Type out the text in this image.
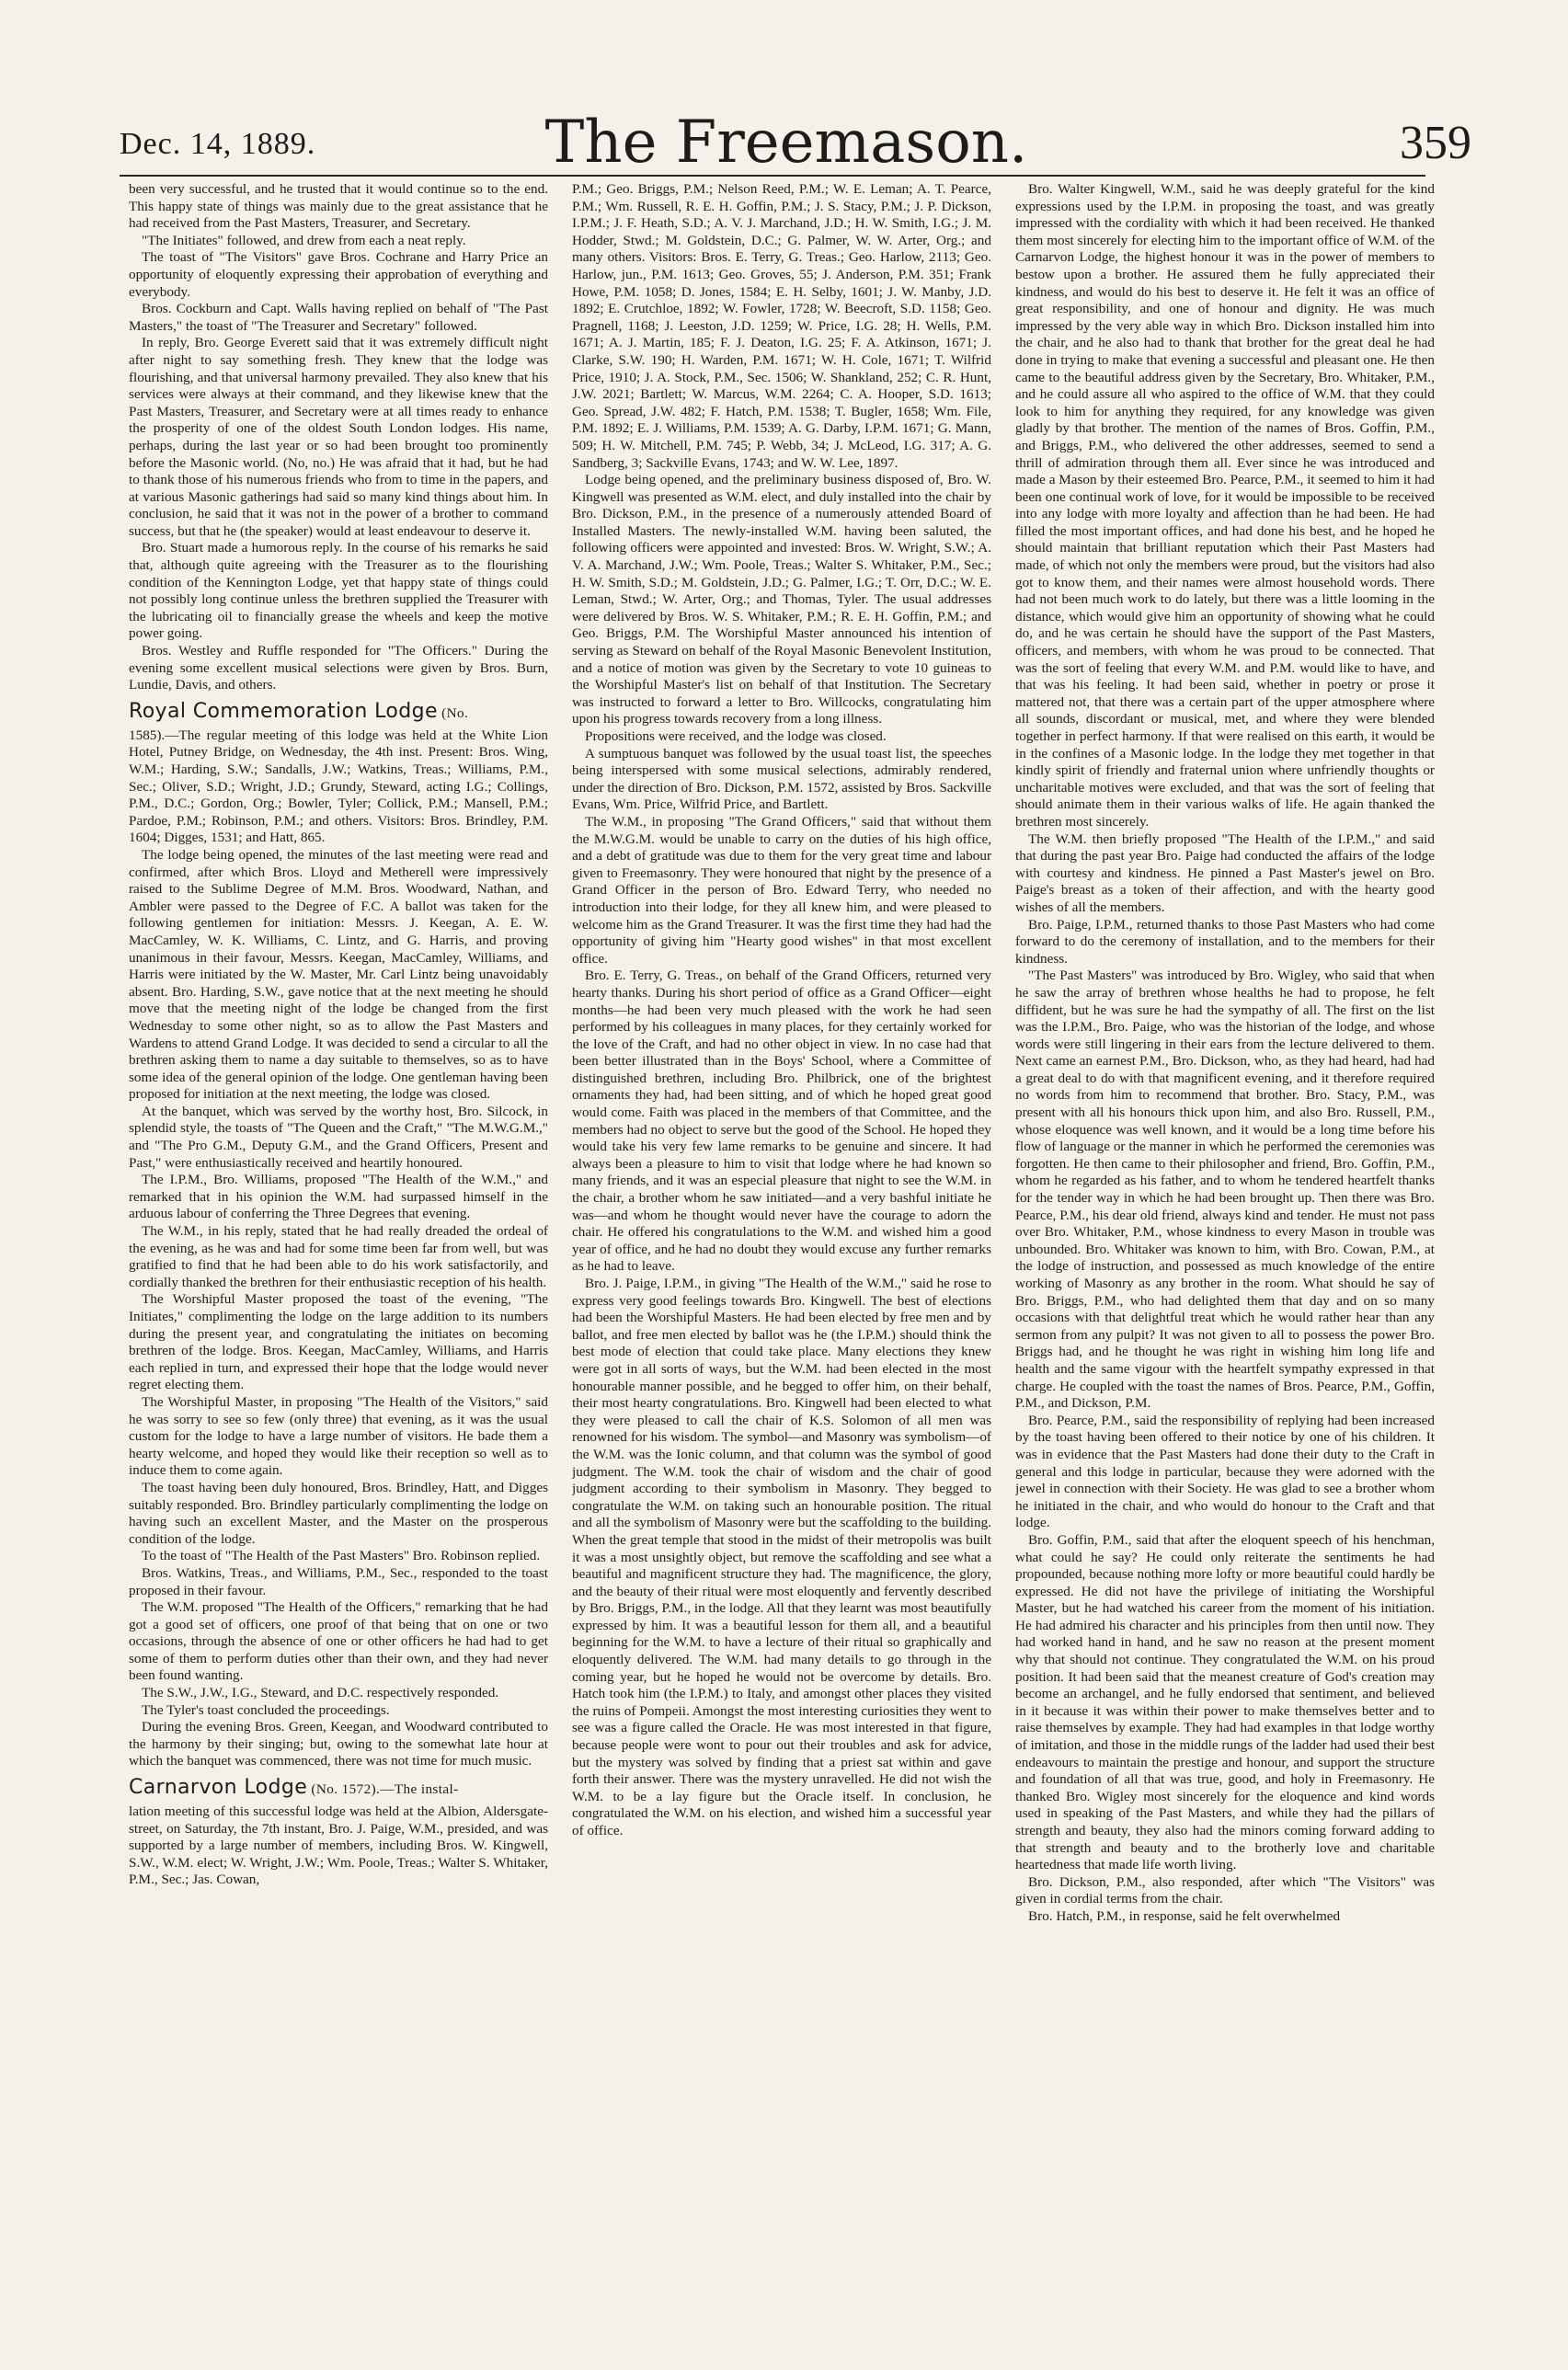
Dec. 14, 1889.	The Freemason.	359

been very successful, and he trusted that it would continue so to the end. This happy state of things was mainly due to the great assistance that he had received from the Past Masters, Treasurer, and Secretary.

"The Initiates" followed, and drew from each a neat reply.

The toast of "The Visitors" gave Bros. Cochrane and Harry Price an opportunity of eloquently expressing their approbation of everything and everybody.

Bros. Cockburn and Capt. Walls having replied on behalf of "The Past Masters," the toast of "The Treasurer and Secretary" followed.

In reply, Bro. George Everett said that it was extremely difficult night after night to say something fresh. They knew that the lodge was flourishing, and that universal harmony prevailed. They also knew that his services were always at their command, and they likewise knew that the Past Masters, Treasurer, and Secretary were at all times ready to enhance the prosperity of one of the oldest South London lodges. His name, perhaps, during the last year or so had been brought too prominently before the Masonic world. (No, no.) He was afraid that it had, but he had to thank those of his numerous friends who from to time in the papers, and at various Masonic gatherings had said so many kind things about him. In conclusion, he said that it was not in the power of a brother to command success, but that he (the speaker) would at least endeavour to deserve it.

Bro. Stuart made a humorous reply. In the course of his remarks he said that, although quite agreeing with the Treasurer as to the flourishing condition of the Kennington Lodge, yet that happy state of things could not possibly long continue unless the brethren supplied the Treasurer with the lubricating oil to financially grease the wheels and keep the motive power going.

Bros. Westley and Ruffle responded for "The Officers." During the evening some excellent musical selections were given by Bros. Burn, Lundie, Davis, and others.

Royal Commemoration Lodge (No.

1585).—The regular meeting of this lodge was held at the White Lion Hotel, Putney Bridge, on Wednesday, the 4th inst. Present: Bros. Wing, W.M.; Harding, S.W.; Sandalls, J.W.; Watkins, Treas.; Williams, P.M., Sec.; Oliver, S.D.; Wright, J.D.; Grundy, Steward, acting I.G.; Collings, P.M., D.C.; Gordon, Org.; Bowler, Tyler; Collick, P.M.; Mansell, P.M.; Pardoe, P.M.; Robinson, P.M.; and others. Visitors: Bros. Brindley, P.M. 1604; Digges, 1531; and Hatt, 865.

The lodge being opened, the minutes of the last meeting were read and confirmed, after which Bros. Lloyd and Metherell were impressively raised to the Sublime Degree of M.M. Bros. Woodward, Nathan, and Ambler were passed to the Degree of F.C. A ballot was taken for the following gentlemen for initiation: Messrs. J. Keegan, A. E. W. MacCamley, W. K. Williams, C. Lintz, and G. Harris, and proving unanimous in their favour, Messrs. Keegan, MacCamley, Williams, and Harris were initiated by the W. Master, Mr. Carl Lintz being unavoidably absent. Bro. Harding, S.W., gave notice that at the next meeting he should move that the meeting night of the lodge be changed from the first Wednesday to some other night, so as to allow the Past Masters and Wardens to attend Grand Lodge. It was decided to send a circular to all the brethren asking them to name a day suitable to themselves, so as to have some idea of the general opinion of the lodge. One gentleman having been proposed for initiation at the next meeting, the lodge was closed.

At the banquet, which was served by the worthy host, Bro. Silcock, in splendid style, the toasts of "The Queen and the Craft," "The M.W.G.M.," and "The Pro G.M., Deputy G.M., and the Grand Officers, Present and Past," were enthusiastically received and heartily honoured.

The I.P.M., Bro. Williams, proposed "The Health of the W.M.," and remarked that in his opinion the W.M. had surpassed himself in the arduous labour of conferring the Three Degrees that evening.

The W.M., in his reply, stated that he had really dreaded the ordeal of the evening, as he was and had for some time been far from well, but was gratified to find that he had been able to do his work satisfactorily, and cordially thanked the brethren for their enthusiastic reception of his health.

The Worshipful Master proposed the toast of the evening, "The Initiates," complimenting the lodge on the large addition to its numbers during the present year, and congratulating the initiates on becoming brethren of the lodge. Bros. Keegan, MacCamley, Williams, and Harris each replied in turn, and expressed their hope that the lodge would never regret electing them.

The Worshipful Master, in proposing "The Health of the Visitors," said he was sorry to see so few (only three) that evening, as it was the usual custom for the lodge to have a large number of visitors. He bade them a hearty welcome, and hoped they would like their reception so well as to induce them to come again.

The toast having been duly honoured, Bros. Brindley, Hatt, and Digges suitably responded. Bro. Brindley particularly complimenting the lodge on having such an excellent Master, and the Master on the prosperous condition of the lodge.

To the toast of "The Health of the Past Masters" Bro. Robinson replied.

Bros. Watkins, Treas., and Williams, P.M., Sec., responded to the toast proposed in their favour.

The W.M. proposed "The Health of the Officers," remarking that he had got a good set of officers, one proof of that being that on one or two occasions, through the absence of one or other officers he had had to get some of them to perform duties other than their own, and they had never been found wanting.

The S.W., J.W., I.G., Steward, and D.C. respectively responded.

The Tyler's toast concluded the proceedings.

During the evening Bros. Green, Keegan, and Woodward contributed to the harmony by their singing; but, owing to the somewhat late hour at which the banquet was commenced, there was not time for much music.

Carnarvon Lodge (No. 1572).—The instal-

lation meeting of this successful lodge was held at the Albion, Aldersgate-street, on Saturday, the 7th instant, Bro. J. Paige, W.M., presided, and was supported by a large number of members, including Bros. W. Kingwell, S.W., W.M. elect; W. Wright, J.W.; Wm. Poole, Treas.; Walter S. Whitaker, P.M., Sec.; Jas. Cowan,

P.M.; Geo. Briggs, P.M.; Nelson Reed, P.M.; W. E. Leman; A. T. Pearce, P.M.; Wm. Russell, R. E. H. Goffin, P.M.; J. S. Stacy, P.M.; J. P. Dickson, I.P.M.; J. F. Heath, S.D.; A. V. J. Marchand, J.D.; H. W. Smith, I.G.; J. M. Hodder, Stwd.; M. Goldstein, D.C.; G. Palmer, W. W. Arter, Org.; and many others. Visitors: Bros. E. Terry, G. Treas.; Geo. Harlow, 2113; Geo. Harlow, jun., P.M. 1613; Geo. Groves, 55; J. Anderson, P.M. 351; Frank Howe, P.M. 1058; D. Jones, 1584; E. H. Selby, 1601; J. W. Manby, J.D. 1892; E. Crutchloe, 1892; W. Fowler, 1728; W. Beecroft, S.D. 1158; Geo. Pragnell, 1168; J. Leeston, J.D. 1259; W. Price, I.G. 28; H. Wells, P.M. 1671; A. J. Martin, 185; F. J. Deaton, I.G. 25; F. A. Atkinson, 1671; J. Clarke, S.W. 190; H. Warden, P.M. 1671; W. H. Cole, 1671; T. Wilfrid Price, 1910; J. A. Stock, P.M., Sec. 1506; W. Shankland, 252; C. R. Hunt, J.W. 2021; Bartlett; W. Marcus, W.M. 2264; C. A. Hooper, S.D. 1613; Geo. Spread, J.W. 482; F. Hatch, P.M. 1538; T. Bugler, 1658; Wm. File, P.M. 1892; E. J. Williams, P.M. 1539; A. G. Darby, I.P.M. 1671; G. Mann, 509; H. W. Mitchell, P.M. 745; P. Webb, 34; J. McLeod, I.G. 317; A. G. Sandberg, 3; Sackville Evans, 1743; and W. W. Lee, 1897.

Lodge being opened, and the preliminary business disposed of, Bro. W. Kingwell was presented as W.M. elect, and duly installed into the chair by Bro. Dickson, P.M., in the presence of a numerously attended Board of Installed Masters. The newly-installed W.M. having been saluted, the following officers were appointed and invested: Bros. W. Wright, S.W.; A. V. A. Marchand, J.W.; Wm. Poole, Treas.; Walter S. Whitaker, P.M., Sec.; H. W. Smith, S.D.; M. Goldstein, J.D.; G. Palmer, I.G.; T. Orr, D.C.; W. E. Leman, Stwd.; W. Arter, Org.; and Thomas, Tyler. The usual addresses were delivered by Bros. W. S. Whitaker, P.M.; R. E. H. Goffin, P.M.; and Geo. Briggs, P.M. The Worshipful Master announced his intention of serving as Steward on behalf of the Royal Masonic Benevolent Institution, and a notice of motion was given by the Secretary to vote 10 guineas to the Worshipful Master's list on behalf of that Institution. The Secretary was instructed to forward a letter to Bro. Willcocks, congratulating him upon his progress towards recovery from a long illness.

Propositions were received, and the lodge was closed.

A sumptuous banquet was followed by the usual toast list, the speeches being interspersed with some musical selections, admirably rendered, under the direction of Bro. Dickson, P.M. 1572, assisted by Bros. Sackville Evans, Wm. Price, Wilfrid Price, and Bartlett.

The W.M., in proposing "The Grand Officers," said that without them the M.W.G.M. would be unable to carry on the duties of his high office, and a debt of gratitude was due to them for the very great time and labour given to Freemasonry. They were honoured that night by the presence of a Grand Officer in the person of Bro. Edward Terry, who needed no introduction into their lodge, for they all knew him, and were pleased to welcome him as the Grand Treasurer. It was the first time they had had the opportunity of giving him "Hearty good wishes" in that most excellent office.

Bro. E. Terry, G. Treas., on behalf of the Grand Officers, returned very hearty thanks. During his short period of office as a Grand Officer—eight months—he had been very much pleased with the work he had seen performed by his colleagues in many places, for they certainly worked for the love of the Craft, and had no other object in view. In no case had that been better illustrated than in the Boys' School, where a Committee of distinguished brethren, including Bro. Philbrick, one of the brightest ornaments they had, had been sitting, and of which he hoped great good would come. Faith was placed in the members of that Committee, and the members had no object to serve but the good of the School. He hoped they would take his very few lame remarks to be genuine and sincere. It had always been a pleasure to him to visit that lodge where he had known so many friends, and it was an especial pleasure that night to see the W.M. in the chair, a brother whom he saw initiated—and a very bashful initiate he was—and whom he thought would never have the courage to adorn the chair. He offered his congratulations to the W.M. and wished him a good year of office, and he had no doubt they would excuse any further remarks as he had to leave.

Bro. J. Paige, I.P.M., in giving "The Health of the W.M.," said he rose to express very good feelings towards Bro. Kingwell. The best of elections had been the Worshipful Masters. He had been elected by free men and by ballot, and free men elected by ballot was he (the I.P.M.) should think the best mode of election that could take place. Many elections they knew were got in all sorts of ways, but the W.M. had been elected in the most honourable manner possible, and he begged to offer him, on their behalf, their most hearty congratulations. Bro. Kingwell had been elected to what they were pleased to call the chair of K.S. Solomon of all men was renowned for his wisdom. The symbol—and Masonry was symbolism—of the W.M. was the Ionic column, and that column was the symbol of good judgment. The W.M. took the chair of wisdom and the chair of good judgment according to their symbolism in Masonry. They begged to congratulate the W.M. on taking such an honourable position. The ritual and all the symbolism of Masonry were but the scaffolding to the building. When the great temple that stood in the midst of their metropolis was built it was a most unsightly object, but remove the scaffolding and see what a beautiful and magnificent structure they had. The magnificence, the glory, and the beauty of their ritual were most eloquently and fervently described by Bro. Briggs, P.M., in the lodge. All that they learnt was most beautifully expressed by him. It was a beautiful lesson for them all, and a beautiful beginning for the W.M. to have a lecture of their ritual so graphically and eloquently delivered. The W.M. had many details to go through in the coming year, but he hoped he would not be overcome by details. Bro. Hatch took him (the I.P.M.) to Italy, and amongst other places they visited the ruins of Pompeii. Amongst the most interesting curiosities they went to see was a figure called the Oracle. He was most interested in that figure, because people were wont to pour out their troubles and ask for advice, but the mystery was solved by finding that a priest sat within and gave forth their answer. There was the mystery unravelled. He did not wish the W.M. to be a lay figure but the Oracle itself. In conclusion, he congratulated the W.M. on his election, and wished him a successful year of office.

Bro. Walter Kingwell, W.M., said he was deeply grateful for the kind expressions used by the I.P.M. in proposing the toast, and was greatly impressed with the cordiality with which it had been received. He thanked them most sincerely for electing him to the important office of W.M. of the Carnarvon Lodge, the highest honour it was in the power of members to bestow upon a brother. He assured them he fully appreciated their kindness, and would do his best to deserve it. He felt it was an office of great responsibility, and one of honour and dignity. He was much impressed by the very able way in which Bro. Dickson installed him into the chair, and he also had to thank that brother for the great deal he had done in trying to make that evening a successful and pleasant one. He then came to the beautiful address given by the Secretary, Bro. Whitaker, P.M., and he could assure all who aspired to the office of W.M. that they could look to him for anything they required, for any knowledge was given gladly by that brother. The mention of the names of Bros. Goffin, P.M., and Briggs, P.M., who delivered the other addresses, seemed to send a thrill of admiration through them all. Ever since he was introduced and made a Mason by their esteemed Bro. Pearce, P.M., it seemed to him it had been one continual work of love, for it would be impossible to be received into any lodge with more loyalty and affection than he had been. He had filled the most important offices, and had done his best, and he hoped he should maintain that brilliant reputation which their Past Masters had made, of which not only the members were proud, but the visitors had also got to know them, and their names were almost household words. There had not been much work to do lately, but there was a little looming in the distance, which would give him an opportunity of showing what he could do, and he was certain he should have the support of the Past Masters, officers, and members, with whom he was proud to be connected. That was the sort of feeling that every W.M. and P.M. would like to have, and that was his feeling. It had been said, whether in poetry or prose it mattered not, that there was a certain part of the upper atmosphere where all sounds, discordant or musical, met, and where they were blended together in perfect harmony. If that were realised on this earth, it would be in the confines of a Masonic lodge. In the lodge they met together in that kindly spirit of friendly and fraternal union where unfriendly thoughts or uncharitable motives were excluded, and that was the sort of feeling that should animate them in their various walks of life. He again thanked the brethren most sincerely.

The W.M. then briefly proposed "The Health of the I.P.M.," and said that during the past year Bro. Paige had conducted the affairs of the lodge with courtesy and kindness. He pinned a Past Master's jewel on Bro. Paige's breast as a token of their affection, and with the hearty good wishes of all the members.

Bro. Paige, I.P.M., returned thanks to those Past Masters who had come forward to do the ceremony of installation, and to the members for their kindness.

"The Past Masters" was introduced by Bro. Wigley, who said that when he saw the array of brethren whose healths he had to propose, he felt diffident, but he was sure he had the sympathy of all. The first on the list was the I.P.M., Bro. Paige, who was the historian of the lodge, and whose words were still lingering in their ears from the lecture delivered to them. Next came an earnest P.M., Bro. Dickson, who, as they had heard, had had a great deal to do with that magnificent evening, and it therefore required no words from him to recommend that brother. Bro. Stacy, P.M., was present with all his honours thick upon him, and also Bro. Russell, P.M., whose eloquence was well known, and it would be a long time before his flow of language or the manner in which he performed the ceremonies was forgotten. He then came to their philosopher and friend, Bro. Goffin, P.M., whom he regarded as his father, and to whom he tendered heartfelt thanks for the tender way in which he had been brought up. Then there was Bro. Pearce, P.M., his dear old friend, always kind and tender. He must not pass over Bro. Whitaker, P.M., whose kindness to every Mason in trouble was unbounded. Bro. Whitaker was known to him, with Bro. Cowan, P.M., at the lodge of instruction, and possessed as much knowledge of the entire working of Masonry as any brother in the room. What should he say of Bro. Briggs, P.M., who had delighted them that day and on so many occasions with that delightful treat which he would rather hear than any sermon from any pulpit? It was not given to all to possess the power Bro. Briggs had, and he thought he was right in wishing him long life and health and the same vigour with the heartfelt sympathy expressed in that charge. He coupled with the toast the names of Bros. Pearce, P.M., Goffin, P.M., and Dickson, P.M.

Bro. Pearce, P.M., said the responsibility of replying had been increased by the toast having been offered to their notice by one of his children. It was in evidence that the Past Masters had done their duty to the Craft in general and this lodge in particular, because they were adorned with the jewel in connection with their Society. He was glad to see a brother whom he initiated in the chair, and who would do honour to the Craft and that lodge.

Bro. Goffin, P.M., said that after the eloquent speech of his henchman, what could he say? He could only reiterate the sentiments he had propounded, because nothing more lofty or more beautiful could hardly be expressed. He did not have the privilege of initiating the Worshipful Master, but he had watched his career from the moment of his initiation. He had admired his character and his principles from then until now. They had worked hand in hand, and he saw no reason at the present moment why that should not continue. They congratulated the W.M. on his proud position. It had been said that the meanest creature of God's creation may become an archangel, and he fully endorsed that sentiment, and believed in it because it was within their power to make themselves better and to raise themselves by example. They had had examples in that lodge worthy of imitation, and those in the middle rungs of the ladder had used their best endeavours to maintain the prestige and honour, and support the structure and foundation of all that was true, good, and holy in Freemasonry. He thanked Bro. Wigley most sincerely for the eloquence and kind words used in speaking of the Past Masters, and while they had the pillars of strength and beauty, they also had the minors coming forward adding to that strength and beauty and to the brotherly love and charitable heartedness that made life worth living.

Bro. Dickson, P.M., also responded, after which "The Visitors" was given in cordial terms from the chair.

Bro. Hatch, P.M., in response, said he felt overwhelmed
